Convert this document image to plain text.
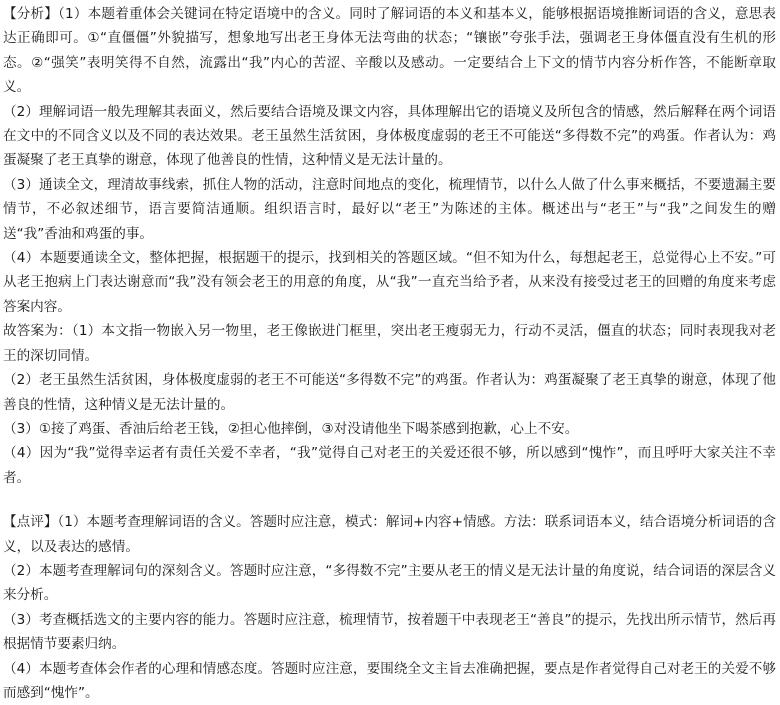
【分析】（1）本题着重体会关键词在特定语境中的含义。同时了解词语的本义和基本义，能够根据语境推断词语的含义，意思表达正确即可。①“直僵僵”外貌描写，想象地写出老王身体无法弯曲的状态；“镶嵌”夸张手法，强调老王身体僵直没有生机的形态。②“强笑”表明笑得不自然，流露出“我”内心的苦涩、辛酸以及感动。一定要结合上下文的情节内容分析作答，不能断章取义。

（2）理解词语一般先理解其表面义，然后要结合语境及课文内容，具体理解出它的语境义及所包含的情感，然后解释在两个词语在文中的不同含义以及不同的表达效果。老王虽然生活贫困，身体极度虚弱的老王不可能送“多得数不完”的鸡蛋。作者认为：鸡蛋凝聚了老王真挚的谢意，体现了他善良的性情，这种情义是无法计量的。

（3）通读全文，理清故事线索，抓住人物的活动，注意时间地点的变化，梳理情节，以什么人做了什么事来概括，不要遗漏主要情节，不必叙述细节，语言要简洁通顺。组织语言时，最好以“老王”为陈述的主体。概述出与“老王”与“我”之间发生的赠送“我”香油和鸡蛋的事。

（4）本题要通读全文，整体把握，根据题干的提示，找到相关的答题区域。“但不知为什么，每想起老王，总觉得心上不安。”可从老王抱病上门表达谢意而“我”没有领会老王的用意的角度，从“我”一直充当给予者，从来没有接受过老王的回赠的角度来考虑答案内容。

故答案为：（1）本文指一物嵌入另一物里，老王像嵌进门框里，突出老王瘦弱无力，行动不灵活，僵直的状态；同时表现我对老王的深切同情。

（2）老王虽然生活贫困，身体极度虚弱的老王不可能送“多得数不完”的鸡蛋。作者认为：鸡蛋凝聚了老王真挚的谢意，体现了他善良的性情，这种情义是无法计量的。

（3）①接了鸡蛋、香油后给老王钱，②担心他摔倒，③对没请他坐下喝茶感到抱歉，心上不安。

（4）因为“我”觉得幸运者有责任关爱不幸者，“我”觉得自己对老王的关爱还很不够，所以感到“愧怍”，而且呼吁大家关注不幸者。

【点评】（1）本题考查理解词语的含义。答题时应注意，模式：解词+内容+情感。方法：联系词语本义，结合语境分析词语的含义，以及表达的感情。

（2）本题考查理解词句的深刻含义。答题时应注意，“多得数不完”主要从老王的情义是无法计量的角度说，结合词语的深层含义来分析。

（3）考查概括选文的主要内容的能力。答题时应注意，梳理情节，按着题干中表现老王“善良”的提示，先找出所示情节，然后再根据情节要素归纳。

（4）本题考查体会作者的心理和情感态度。答题时应注意，要围绕全文主旨去准确把握，要点是作者觉得自己对老王的关爱不够而感到“愧怍”。
